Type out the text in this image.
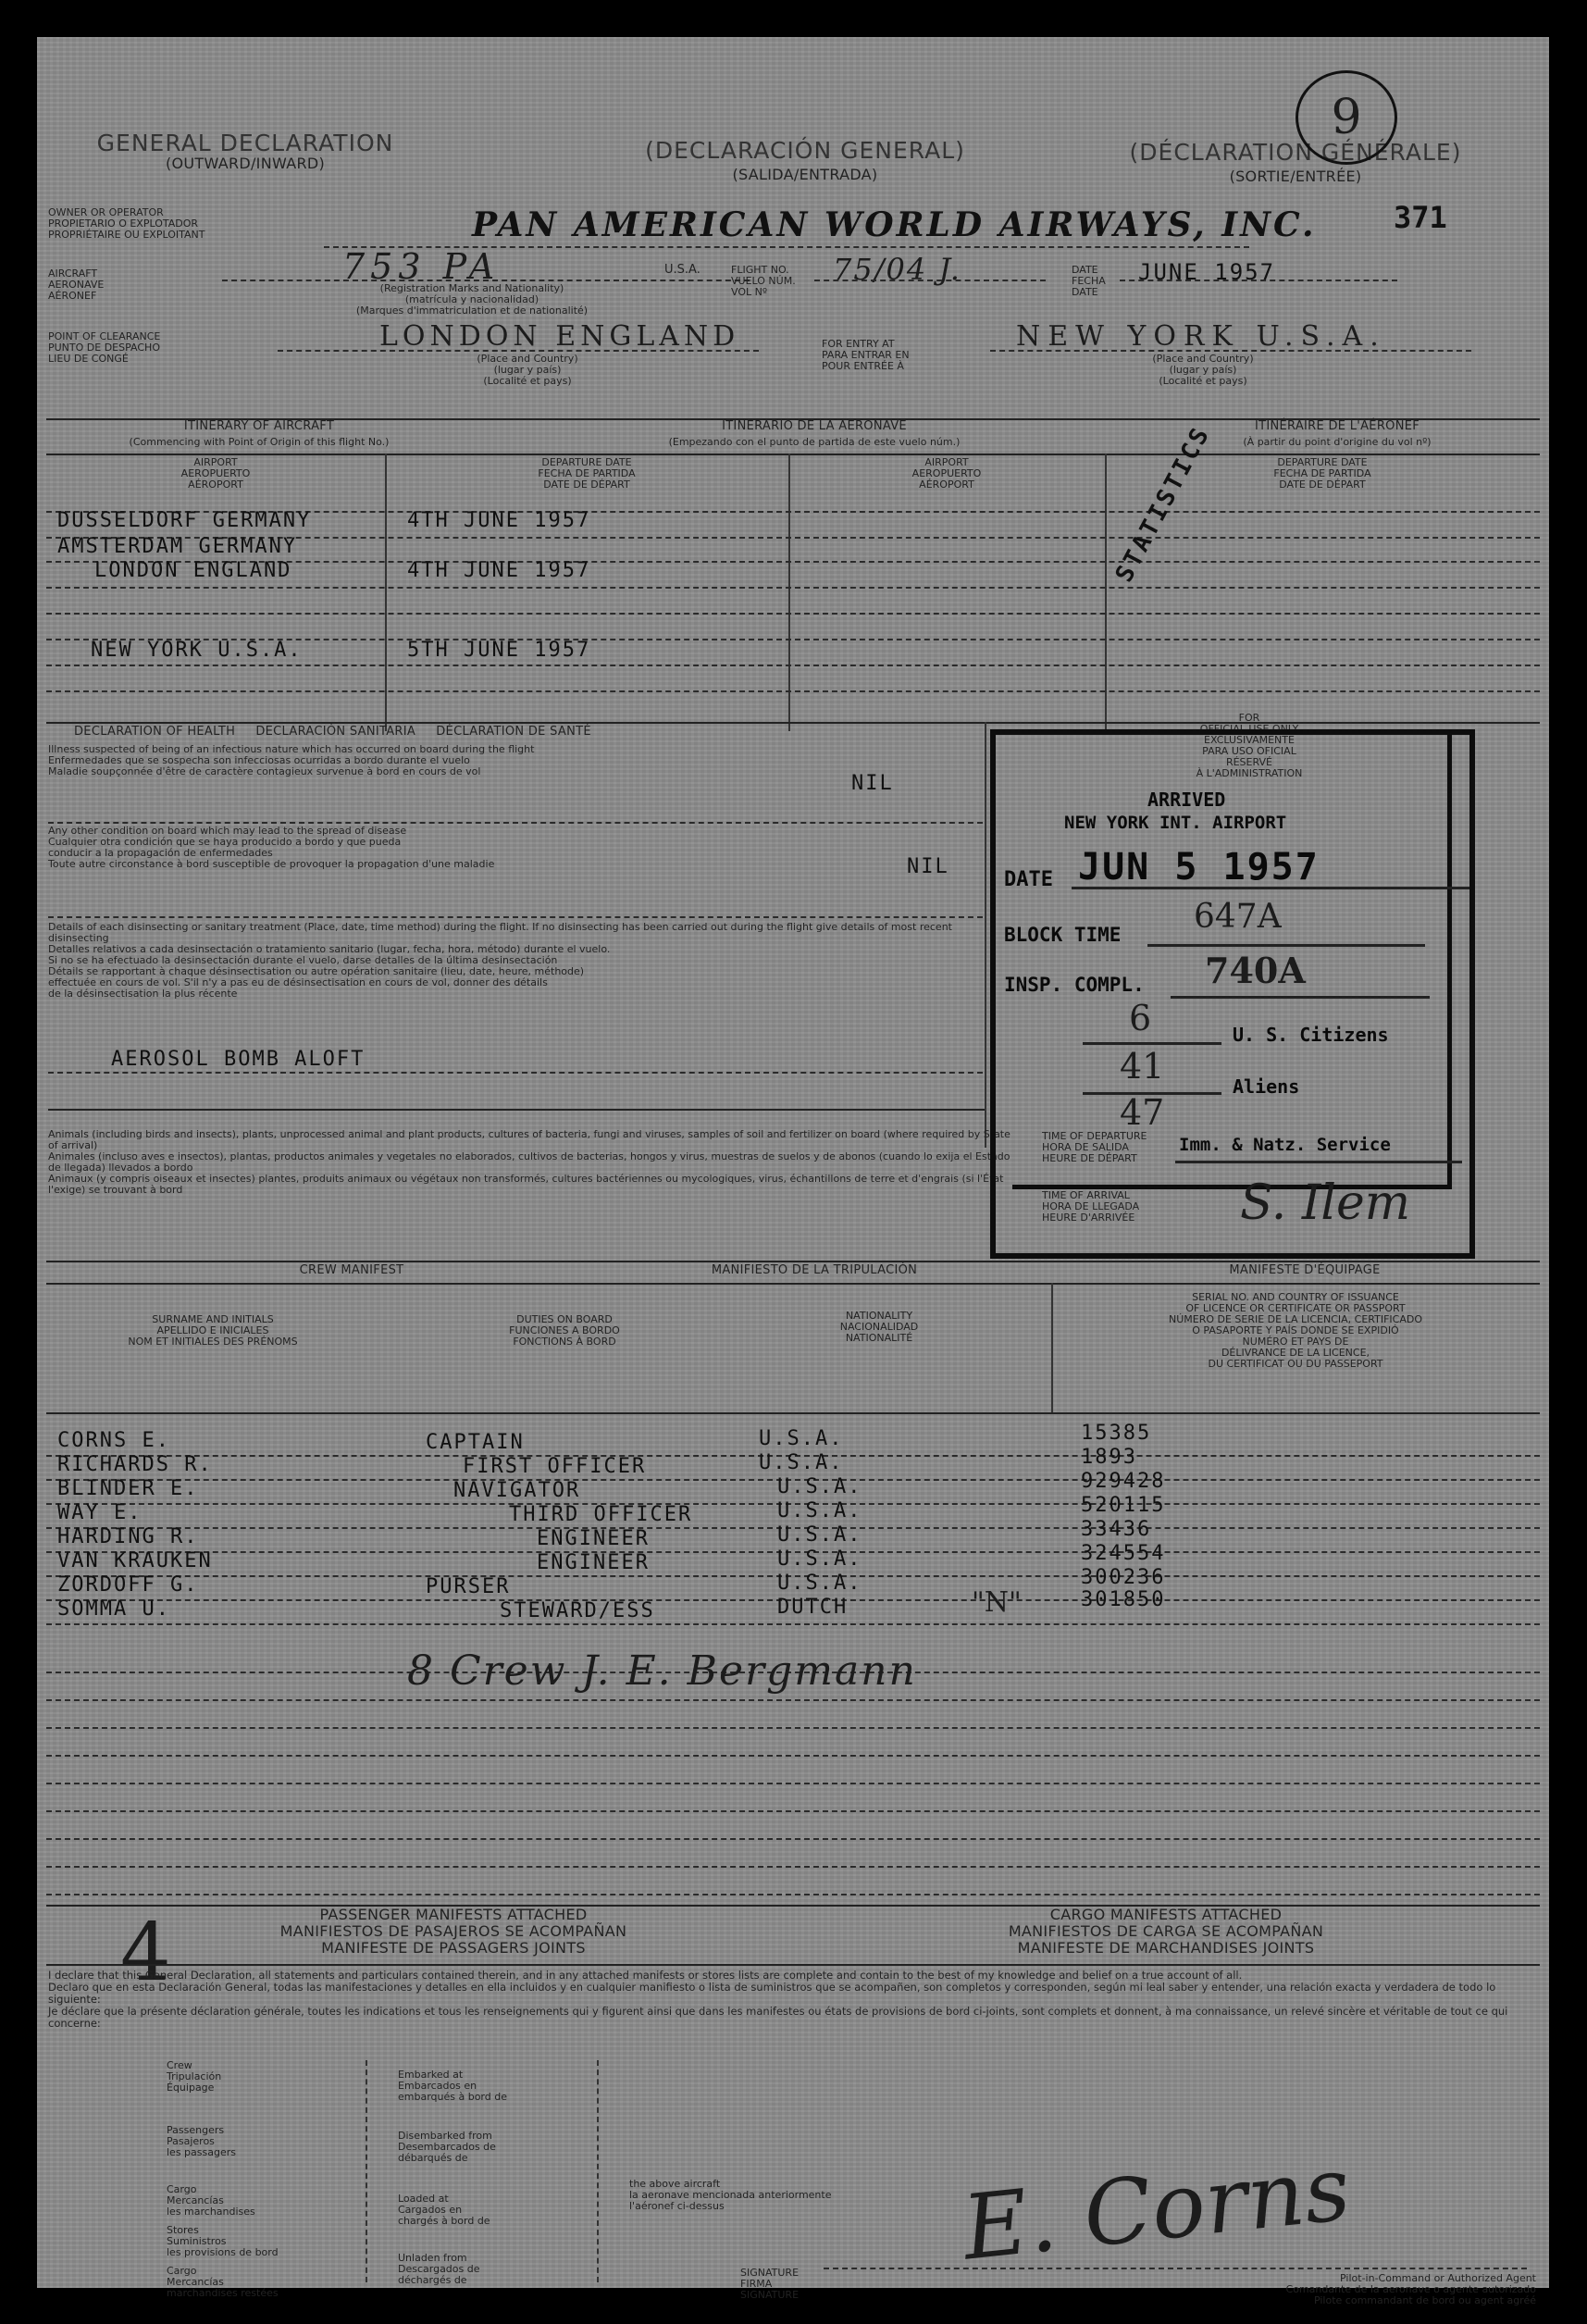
GENERAL DECLARATION
(OUTWARD/INWARD)	(DECLARACIÓN GENERAL)
(SALIDA/ENTRADA)
(DÉCLARATION GÉNÉRALE)
(SORTIE/ENTRÉE)
9
371
OWNER OR OPERATOR
PROPIETARIO O EXPLOTADOR
PROPRIÉTAIRE OU EXPLOITANT	PAN AMERICAN WORLD AIRWAYS, INC.
AIRCRAFT
AERONAVE
AÉRONEF
753 PA	U.S.A.
(Registration Marks and Nationality)
(matrícula y nacionalidad)
(Marques d'immatriculation et de nationalité)
FLIGHT NO.
VUELO NÚM.
VOL Nº
75/04 J.	DATE
FECHA
DATE
JUNE 1957
POINT OF CLEARANCE
PUNTO DE DESPACHO
LIEU DE CONGÉ
LONDON ENGLAND
(Place and Country)
(lugar y país)
(Localité et pays)
FOR ENTRY AT
PARA ENTRAR EN
POUR ENTRÉE À
NEW YORK U.S.A.
(Place and Country)
(lugar y país)
(Localité et pays)
ITINERARY OF AIRCRAFT
(Commencing with Point of Origin of this flight No.)
ITINERARIO DE LA AERONAVE
(Empezando con el punto de partida de este vuelo núm.)
ITINÉRAIRE DE L'AÉRONEF
(À partir du point d'origine du vol nº)
AIRPORT
AEROPUERTO
AÉROPORT
DEPARTURE DATE
FECHA DE PARTIDA
DATE DE DÉPART
AIRPORT
AEROPUERTO
AÉROPORT
DEPARTURE DATE
FECHA DE PARTIDA
DATE DE DÉPART
DUSSELDORF GERMANY	4TH JUNE 1957
AMSTERDAM GERMANY
LONDON ENGLAND	4TH JUNE 1957
NEW YORK U.S.A.	5TH JUNE 1957
STATISTICS
DECLARATION OF HEALTH     DECLARACIÓN SANITARIA     DÉCLARATION DE SANTÉ
Illness suspected of being of an infectious nature which has occurred on board during the flight
Enfermedades que se sospecha son infecciosas ocurridas a bordo durante el vuelo
Maladie soupçonnée d'être de caractère contagieux survenue à bord en cours de vol
NIL
Any other condition on board which may lead to the spread of disease
Cualquier otra condición que se haya producido a bordo y que pueda
conducir a la propagación de enfermedades
Toute autre circonstance à bord susceptible de provoquer la propagation d'une maladie	NIL
Details of each disinsecting or sanitary treatment (Place, date, time method) during the flight. If no disinsecting has been carried out during the flight give details of most recent disinsecting
Detalles relativos a cada desinsectación o tratamiento sanitario (lugar, fecha, hora, método) durante el vuelo.
Si no se ha efectuado la desinsectación durante el vuelo, darse detalles de la última desinsectación
Détails se rapportant à chaque désinsectisation ou autre opération sanitaire (lieu, date, heure, méthode)
effectuée en cours de vol. S'il n'y a pas eu de désinsectisation en cours de vol, donner des détails
de la désinsectisation la plus récente
AEROSOL BOMB ALOFT
Animals (including birds and insects), plants, unprocessed animal and plant products, cultures of bacteria, fungi and viruses, samples of soil and fertilizer on board (where required by State of arrival)
Animales (incluso aves e insectos), plantas, productos animales y vegetales no elaborados, cultivos de bacterias, hongos y virus, muestras de suelos y de abonos (cuando lo exija el Estado de llegada) llevados a bordo
Animaux (y compris oiseaux et insectes) plantes, produits animaux ou végétaux non transformés, cultures bactériennes ou mycologiques, virus, échantillons de terre et d'engrais (si l'État l'exige) se trouvant à bord
FOR
OFFICIAL USE ONLY
EXCLUSIVAMENTE
PARA USO OFICIAL
RÉSERVÉ
À L'ADMINISTRATION
ARRIVED
NEW YORK INT. AIRPORT
DATE JUN 5 1957
BLOCK TIME 647A
INSP. COMPL. 740A
6	U. S. Citizens
41	Aliens
47
TIME OF DEPARTURE
HORA DE SALIDA
HEURE DE DÉPART
Imm. & Natz. Service
TIME OF ARRIVAL
HORA DE LLEGADA
HEURE D'ARRIVÉE	S. Ilem
CREW MANIFEST	MANIFIESTO DE LA TRIPULACIÓN	MANIFESTE D'ÉQUIPAGE
SURNAME AND INITIALS
APELLIDO E INICIALES
NOM ET INITIALES DES PRÉNOMS
DUTIES ON BOARD
FUNCIONES A BORDO
FONCTIONS À BORD
NATIONALITY
NACIONALIDAD
NATIONALITÉ
SERIAL NO. AND COUNTRY OF ISSUANCE
OF LICENCE OR CERTIFICATE OR PASSPORT
NÚMERO DE SERIE DE LA LICENCIA, CERTIFICADO
O PASAPORTE Y PAÍS DONDE SE EXPIDIÓ
NUMÉRO ET PAYS DE
DÉLIVRANCE DE LA LICENCE,
DU CERTIFICAT OU DU PASSEPORT
CORNS E.	CAPTAIN	U.S.A.	15385
RICHARDS R.	FIRST OFFICER	U.S.A.	1893
BLINDER E.	NAVIGATOR	U.S.A.	929428
WAY E.	THIRD OFFICER	U.S.A.	520115
HARDING R.	ENGINEER	U.S.A.	33436
VAN KRAUKEN	ENGINEER	U.S.A.	324554
ZORDOFF G.	PURSER	U.S.A.	300236
SOMMA U.	STEWARD/ESS	DUTCH	"N"	301850
8 Crew J. E. Bergmann
4	PASSENGER MANIFESTS ATTACHED
MANIFIESTOS DE PASAJEROS SE ACOMPAÑAN
MANIFESTE DE PASSAGERS JOINTS
CARGO MANIFESTS ATTACHED
MANIFIESTOS DE CARGA SE ACOMPAÑAN
MANIFESTE DE MARCHANDISES JOINTS
I declare that this General Declaration, all statements and particulars contained therein, and in any attached manifests or stores lists are complete and contain to the best of my knowledge and belief on a true account of all.
Declaro que en esta Declaración General, todas las manifestaciones y detalles en ella incluidos y en cualquier manifiesto o lista de suministros que se acompañen, son completos y corresponden, según mi leal saber y entender, una relación exacta y verdadera de todo lo siguiente:
Je déclare que la présente déclaration générale, toutes les indications et tous les renseignements qui y figurent ainsi que dans les manifestes ou états de provisions de bord ci-joints, sont complets et donnent, à ma connaissance, un relevé sincère et véritable de tout ce qui concerne:
Crew
Tripulación
Équipage
Passengers
Pasajeros
les passagers
Cargo
Mercancías
les marchandises
Stores
Suministros
les provisions de bord
Cargo
Mercancías
marchandises restées
Embarked at
Embarcados en
embarqués à bord de
Disembarked from
Desembarcados de
débarqués de
Loaded at
Cargados en
chargés à bord de
Unladen from
Descargados de
déchargés de
the above aircraft
la aeronave mencionada anteriormente
l'aéronef ci-dessus
SIGNATURE
FIRMA
SIGNATURE
E. Corns
Pilot-in-Command or Authorized Agent
Comandante de la aeronave o agente autorizado
Pilote commandant de bord ou agent agréé
